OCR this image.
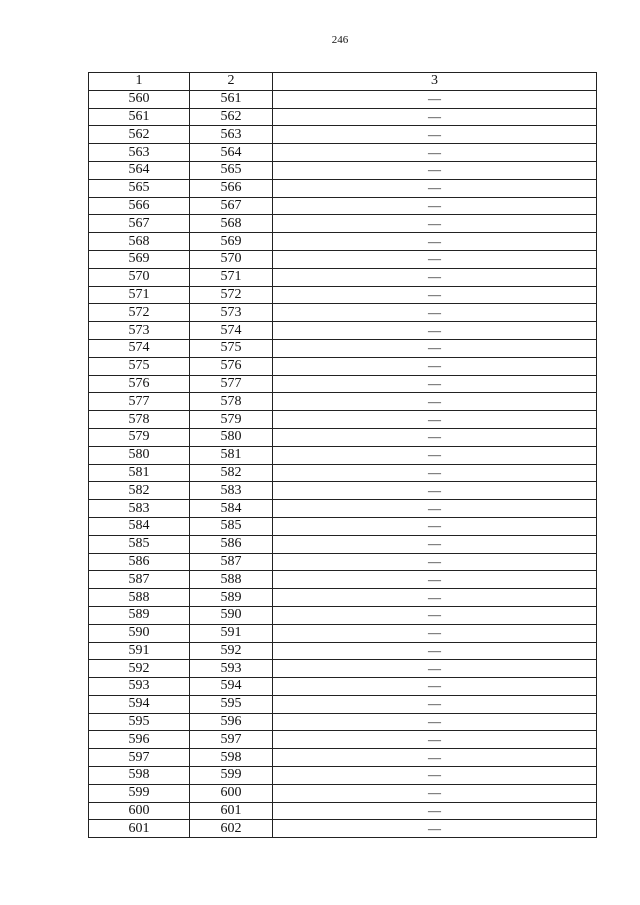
246
1	2	3
560	561	—
561	562	—
562	563	—
563	564	—
564	565	—
565	566	—
566	567	—
567	568	—
568	569	—
569	570	—
570	571	—
571	572	—
572	573	—
573	574	—
574	575	—
575	576	—
576	577	—
577	578	—
578	579	—
579	580	—
580	581	—
581	582	—
582	583	—
583	584	—
584	585	—
585	586	—
586	587	—
587	588	—
588	589	—
589	590	—
590	591	—
591	592	—
592	593	—
593	594	—
594	595	—
595	596	—
596	597	—
597	598	—
598	599	—
599	600	—
600	601	—
601	602	—
